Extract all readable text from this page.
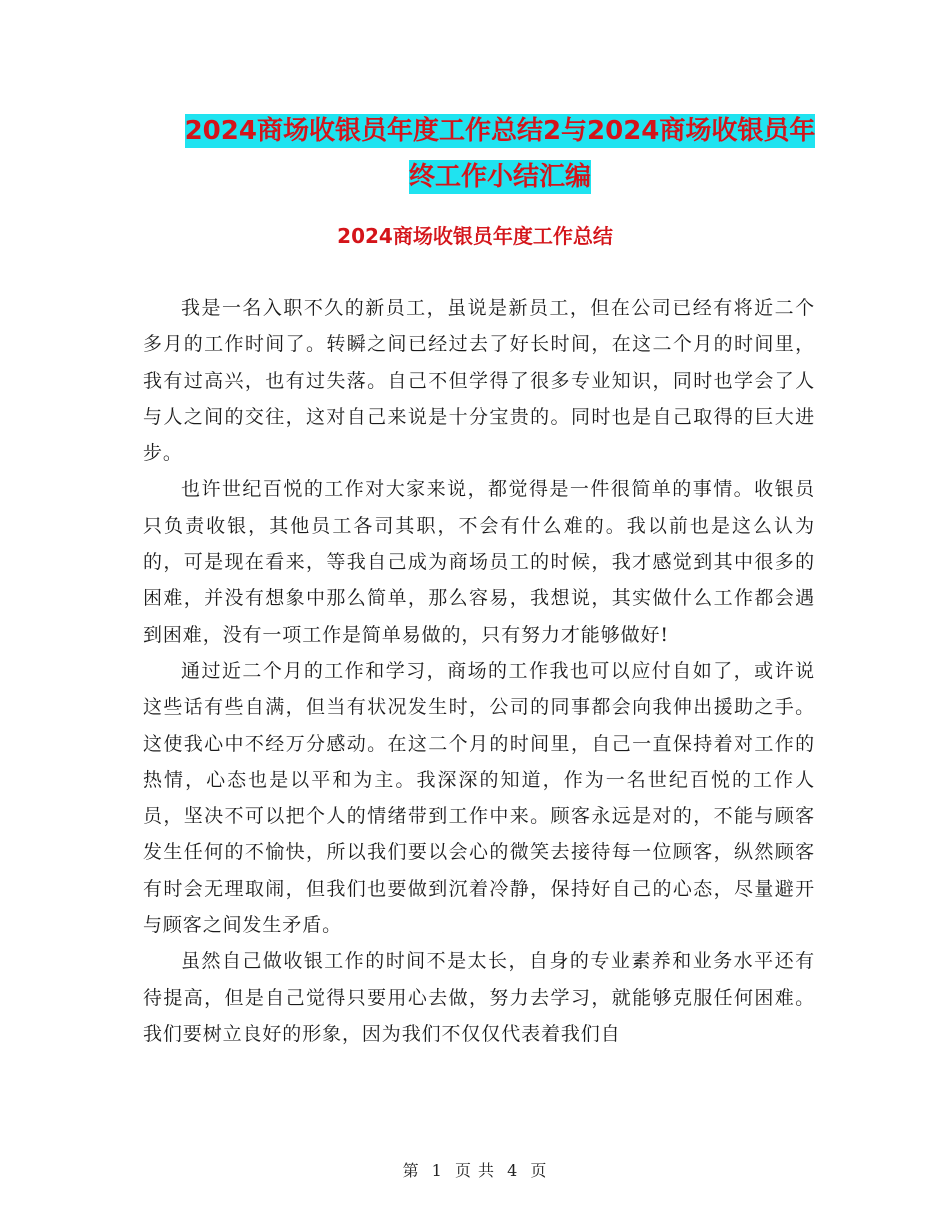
2024商场收银员年度工作总结2与2024商场收银员年
终工作小结汇编
2024商场收银员年度工作总结

我是一名入职不久的新员工，虽说是新员工，但在公司已经有将近二个多月的工作时间了。转瞬之间已经过去了好长时间，在这二个月的时间里，我有过高兴，也有过失落。自己不但学得了很多专业知识，同时也学会了人与人之间的交往，这对自己来说是十分宝贵的。同时也是自己取得的巨大进步。

也许世纪百悦的工作对大家来说，都觉得是一件很简单的事情。收银员只负责收银，其他员工各司其职，不会有什么难的。我以前也是这么认为的，可是现在看来，等我自己成为商场员工的时候，我才感觉到其中很多的困难，并没有想象中那么简单，那么容易，我想说，其实做什么工作都会遇到困难，没有一项工作是简单易做的，只有努力才能够做好!

通过近二个月的工作和学习，商场的工作我也可以应付自如了，或许说这些话有些自满，但当有状况发生时，公司的同事都会向我伸出援助之手。这使我心中不经万分感动。在这二个月的时间里，自己一直保持着对工作的热情，心态也是以平和为主。我深深的知道，作为一名世纪百悦的工作人员，坚决不可以把个人的情绪带到工作中来。顾客永远是对的，不能与顾客发生任何的不愉快，所以我们要以会心的微笑去接待每一位顾客，纵然顾客有时会无理取闹，但我们也要做到沉着冷静，保持好自己的心态，尽量避开与顾客之间发生矛盾。

虽然自己做收银工作的时间不是太长，自身的专业素养和业务水平还有待提高，但是自己觉得只要用心去做，努力去学习，就能够克服任何困难。我们要树立良好的形象，因为我们不仅仅代表着我们自

第 1 页 共 4 页
